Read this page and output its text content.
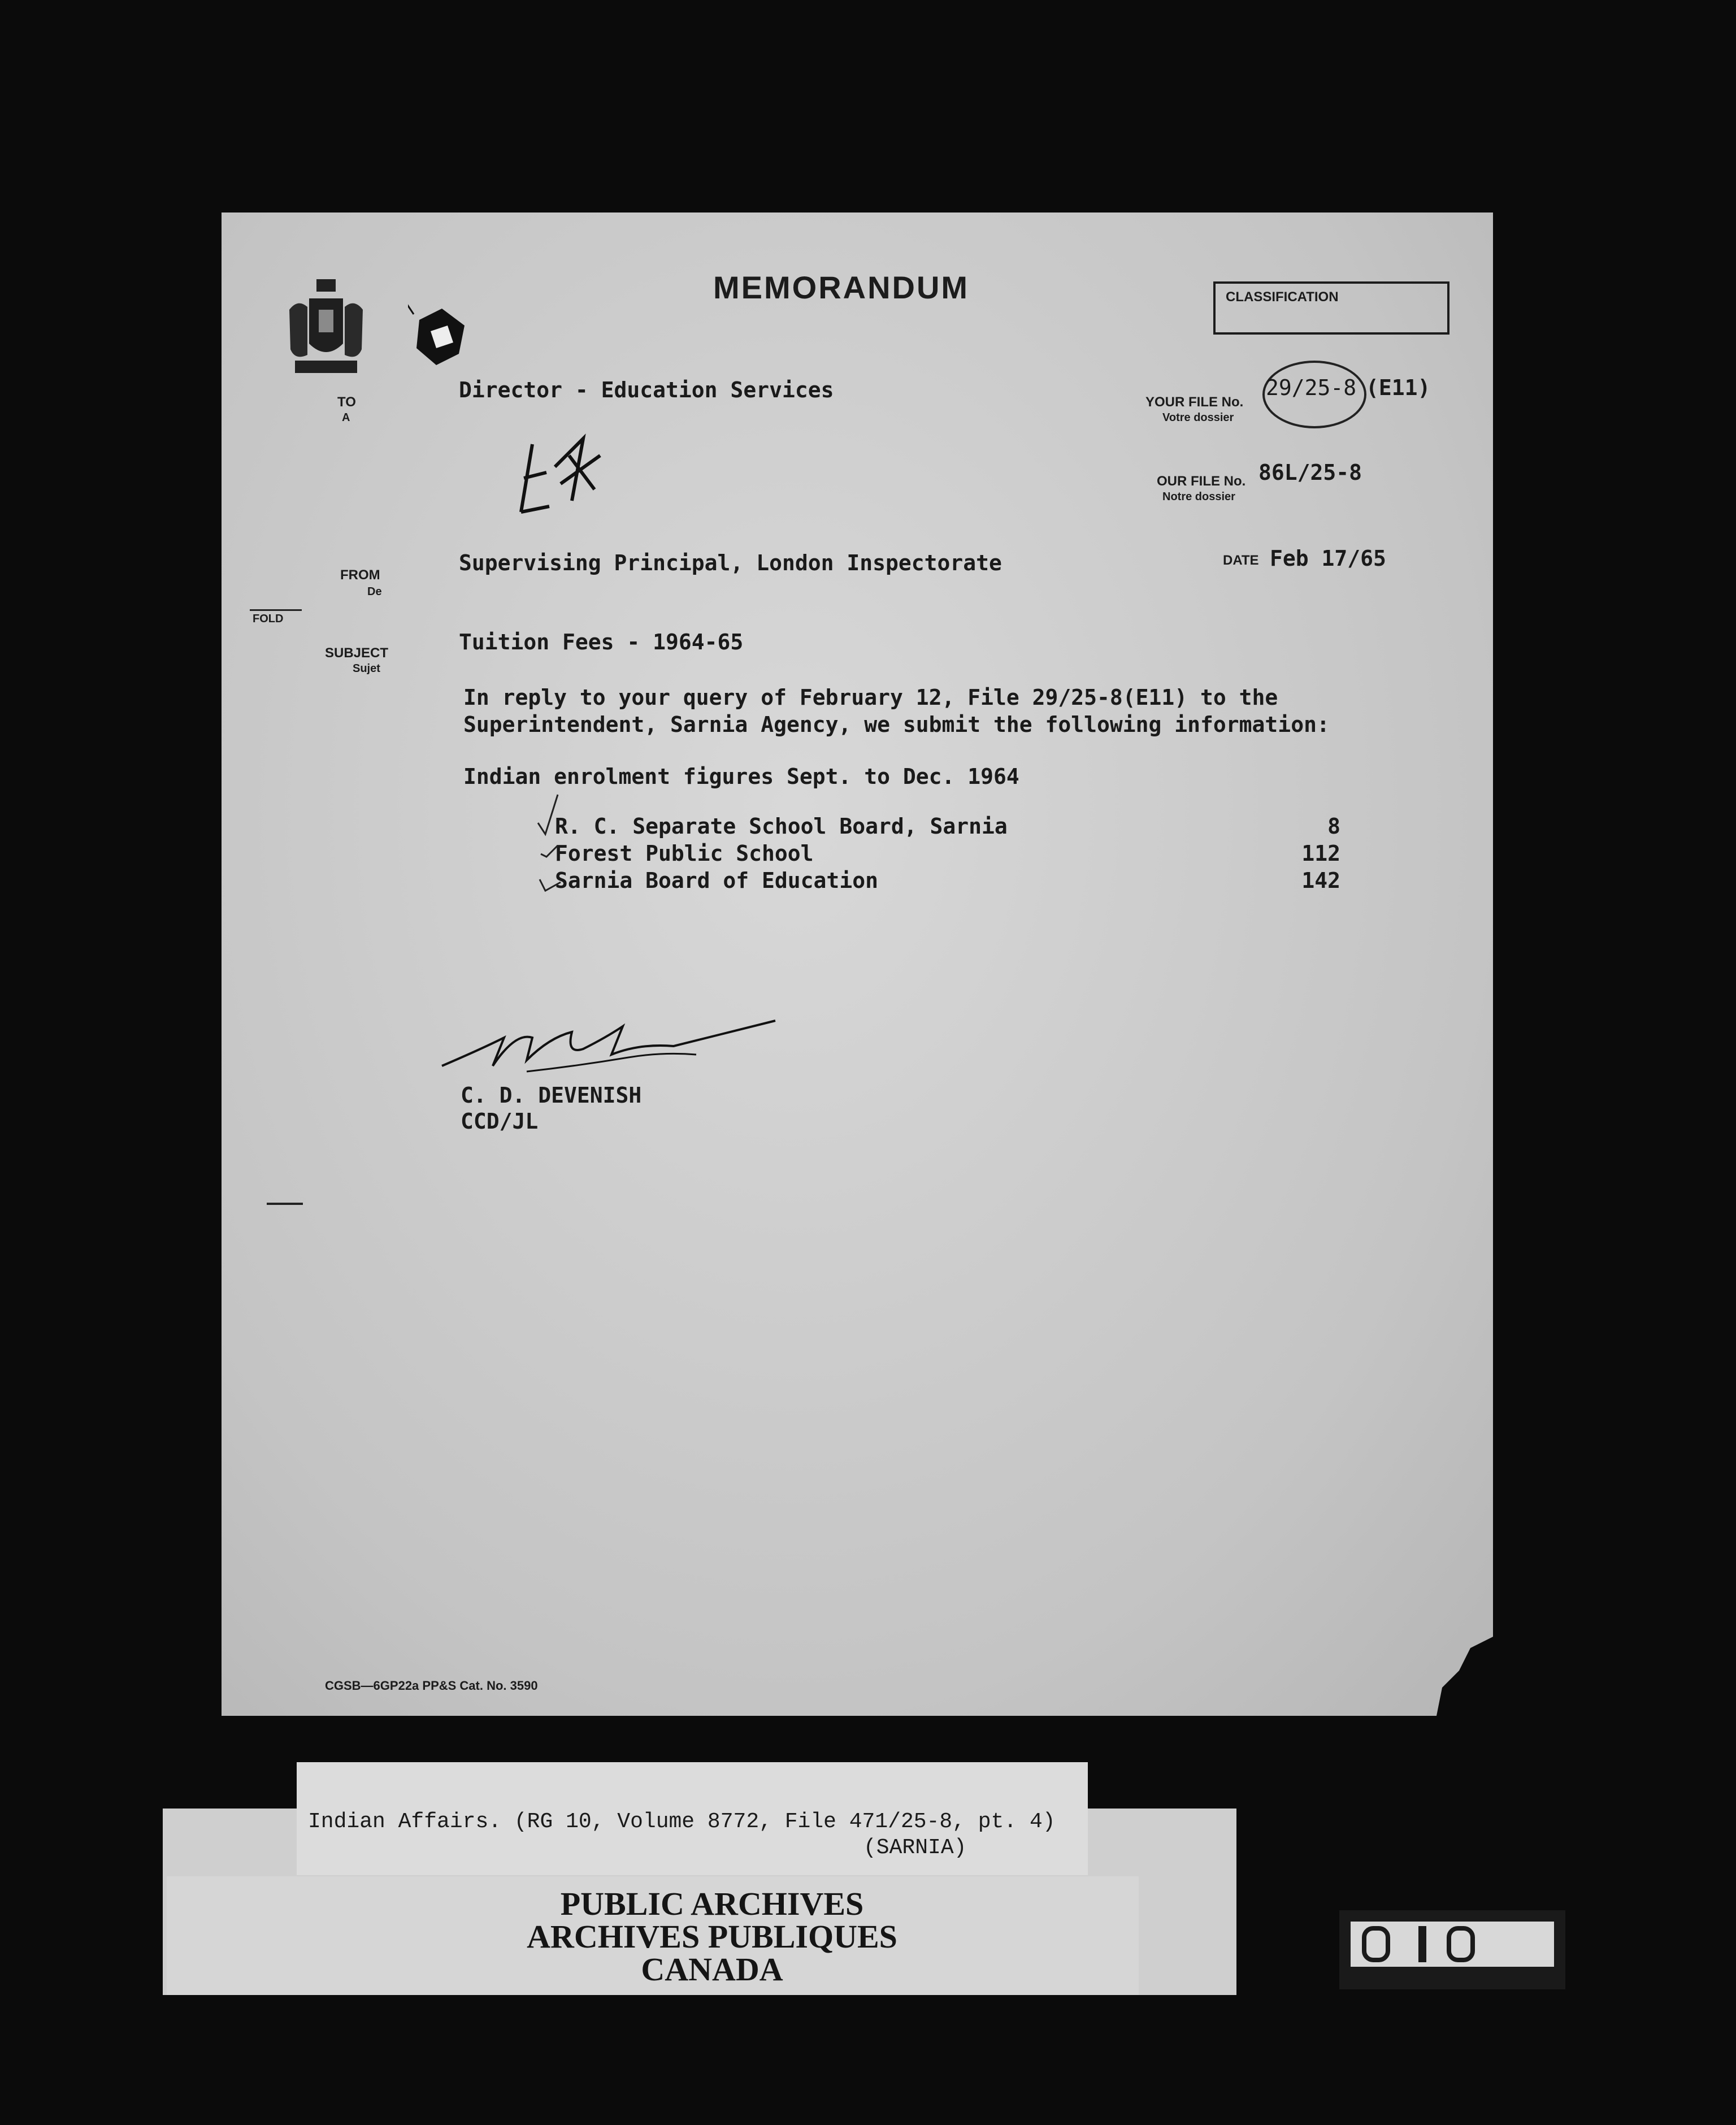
MEMORANDUM	CLASSIFICATION
TO
A
Director - Education Services	YOUR FILE No.
Votre dossier
29/25-8 (E11)
OUR FILE No.
Notre dossier
86L/25-8
FROM
De
Supervising Principal, London Inspectorate	DATE Feb 17/65
FOLD
SUBJECT
Sujet
Tuition Fees - 1964-65
In reply to your query of February 12, File 29/25-8(E11) to the
Superintendent, Sarnia Agency, we submit the following information:
Indian enrolment figures Sept. to Dec. 1964
R. C. Separate School Board, Sarnia	8
Forest Public School	112
Sarnia Board of Education	142
C. D. DEVENISH
CCD/JL
CGSB—6GP22a PP&S Cat. No. 3590
Indian Affairs. (RG 10, Volume 8772, File 471/25-8, pt. 4)
(SARNIA)
PUBLIC ARCHIVES
ARCHIVES PUBLIQUES
CANADA
